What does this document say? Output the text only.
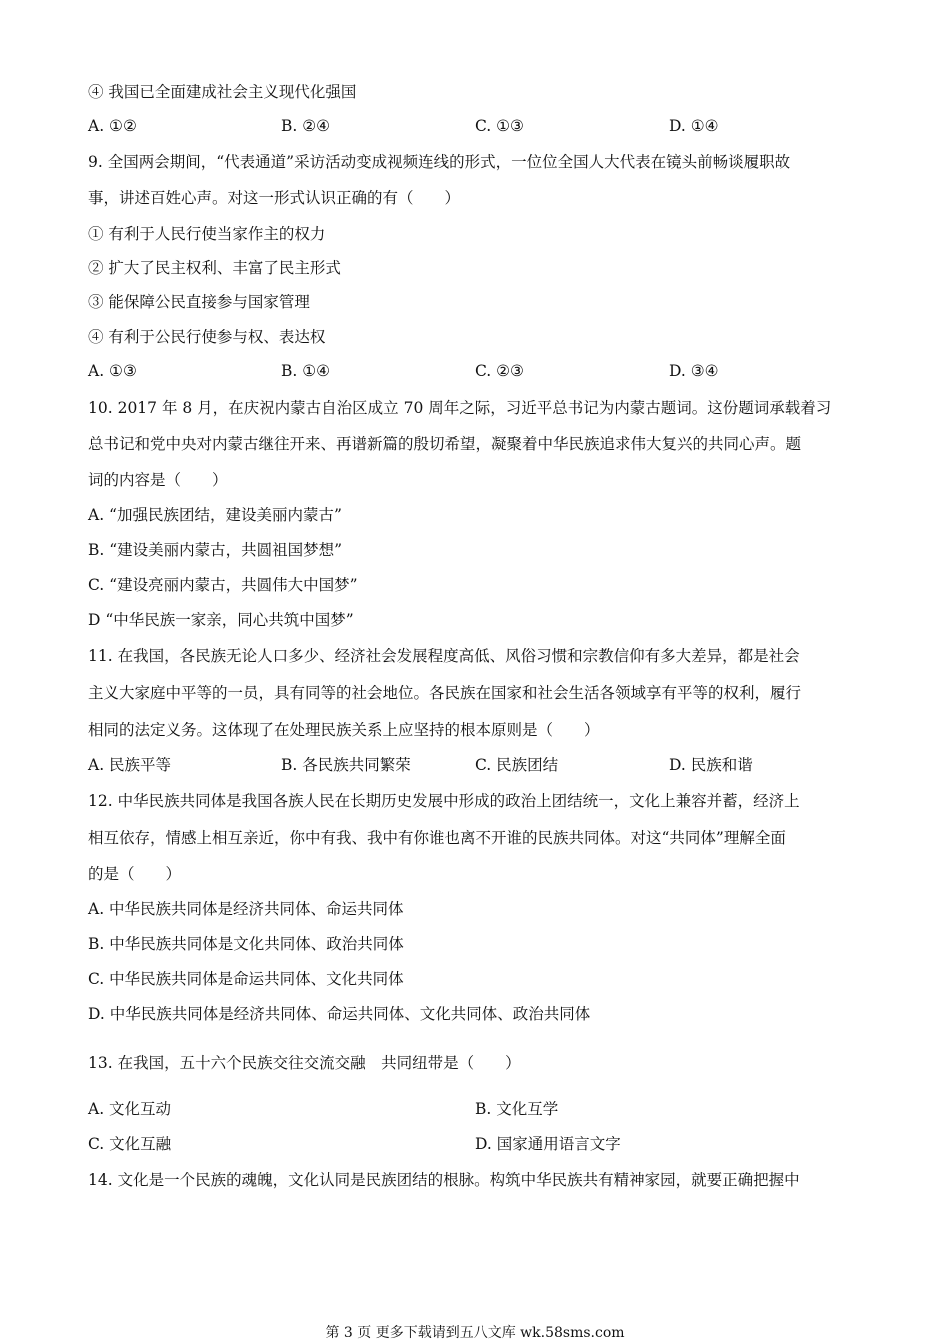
④ 我国已全面建成社会主义现代化强国
A. ①②	B. ②④	C. ①③	D. ①④
9. 全国两会期间，“代表通道”采访活动变成视频连线的形式，一位位全国人大代表在镜头前畅谈履职故
事，讲述百姓心声。对这一形式认识正确的有（　　）
① 有利于人民行使当家作主的权力
② 扩大了民主权利、丰富了民主形式
③ 能保障公民直接参与国家管理
④ 有利于公民行使参与权、表达权
A. ①③	B. ①④	C. ②③	D. ③④
10. 2017 年 8 月，在庆祝内蒙古自治区成立 70 周年之际，习近平总书记为内蒙古题词。这份题词承载着习
总书记和党中央对内蒙古继往开来、再谱新篇的殷切希望，凝聚着中华民族追求伟大复兴的共同心声。题
词的内容是（　　）
A. “加强民族团结，建设美丽内蒙古”
B. “建设美丽内蒙古，共圆祖国梦想”
C. “建设亮丽内蒙古，共圆伟大中国梦”
D “中华民族一家亲，同心共筑中国梦”
11. 在我国，各民族无论人口多少、经济社会发展程度高低、风俗习惯和宗教信仰有多大差异，都是社会
主义大家庭中平等的一员，具有同等的社会地位。各民族在国家和社会生活各领域享有平等的权利，履行
相同的法定义务。这体现了在处理民族关系上应坚持的根本原则是（　　）
A. 民族平等	B. 各民族共同繁荣	C. 民族团结	D. 民族和谐
12. 中华民族共同体是我国各族人民在长期历史发展中形成的政治上团结统一，文化上兼容并蓄，经济上
相互依存，情感上相互亲近，你中有我、我中有你谁也离不开谁的民族共同体。对这“共同体”理解全面
的是（　　）
A. 中华民族共同体是经济共同体、命运共同体
B. 中华民族共同体是文化共同体、政治共同体
C. 中华民族共同体是命运共同体、文化共同体
D. 中华民族共同体是经济共同体、命运共同体、文化共同体、政治共同体
13. 在我国，五十六个民族交往交流交融　共同纽带是（　　）
A. 文化互动	B. 文化互学
C. 文化互融	D. 国家通用语言文字
14. 文化是一个民族的魂魄，文化认同是民族团结的根脉。构筑中华民族共有精神家园，就要正确把握中
第 3 页 更多下载请到五八文库 wk.58sms.com
